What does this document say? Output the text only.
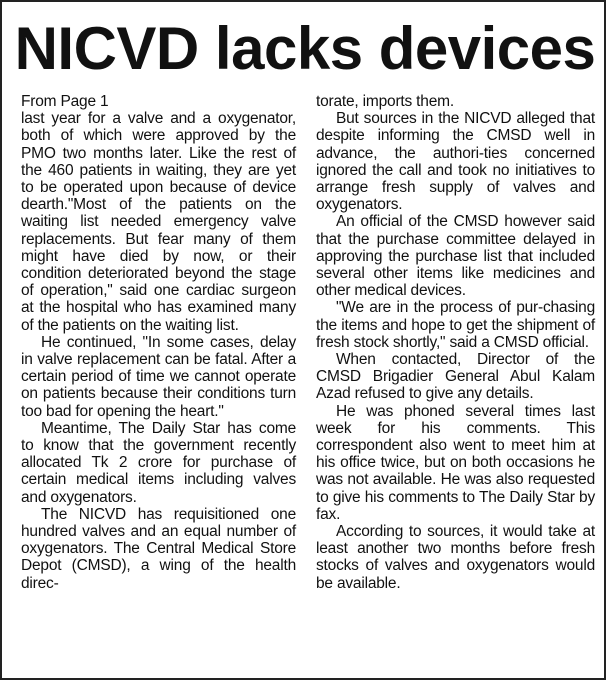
NICVD lacks devices

From Page 1

last year for a valve and a oxygenator, both of which were approved by the PMO two months later. Like the rest of the 460 patients in waiting, they are yet to be operated upon because of device dearth."Most of the patients on the waiting list needed emergency valve replacements. But fear many of them might have died by now, or their condition deteriorated beyond the stage of operation," said one cardiac surgeon at the hospital who has examined many of the patients on the waiting list.

He continued, "In some cases, delay in valve replacement can be fatal. After a certain period of time we cannot operate on patients because their conditions turn too bad for opening the heart."

Meantime, The Daily Star has come to know that the government recently allocated Tk 2 crore for purchase of certain medical items including valves and oxygenators.

The NICVD has requisitioned one hundred valves and an equal number of oxygenators. The Central Medical Store Depot (CMSD), a wing of the health direc-

torate, imports them.

But sources in the NICVD alleged that despite informing the CMSD well in advance, the authori-ties concerned ignored the call and took no initiatives to arrange fresh supply of valves and oxygenators.

An official of the CMSD however said that the purchase committee delayed in approving the purchase list that included several other items like medicines and other medical devices.

"We are in the process of pur-chasing the items and hope to get the shipment of fresh stock shortly," said a CMSD official.

When contacted, Director of the CMSD Brigadier General Abul Kalam Azad refused to give any details.

He was phoned several times last week for his comments. This correspondent also went to meet him at his office twice, but on both occasions he was not available. He was also requested to give his comments to The Daily Star by fax.

According to sources, it would take at least another two months before fresh stocks of valves and oxygenators would be available.
